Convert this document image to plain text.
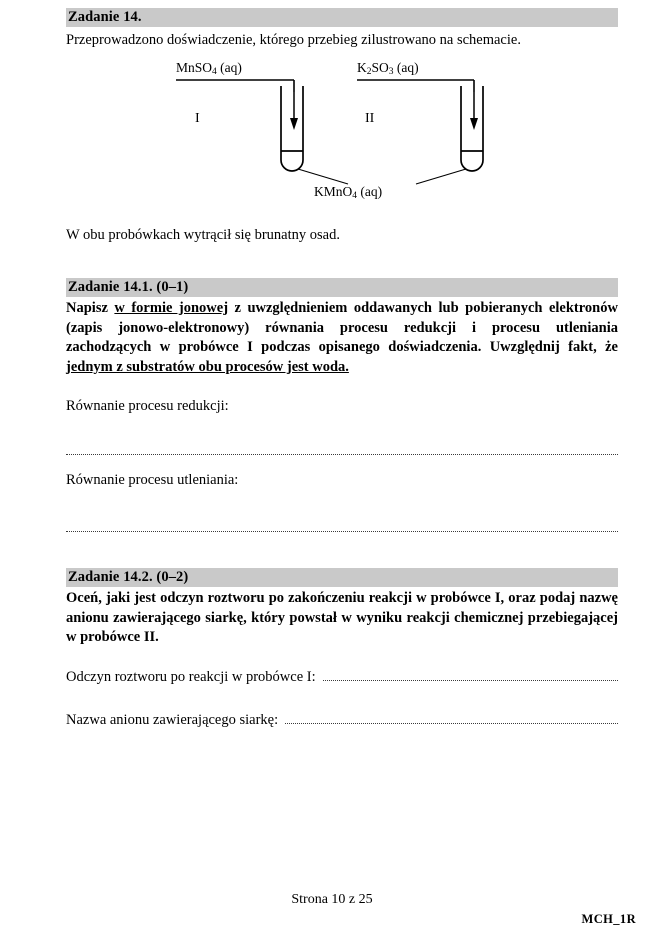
Zadanie 14.
Przeprowadzono doświadczenie, którego przebieg zilustrowano na schemacie.
MnSO$_4$ (aq)	$K_2SO_3$ (aq)
I	II
KMnO$_4$ (aq)
W obu probówkach wytrącił się brunatny osad.
Zadanie 14.1. (0–1)
Napisz w formie jonowej z uwzględnieniem oddawanych lub pobieranych elektronów (zapis jonowo-elektronowy) równania procesu redukcji i procesu utleniania zachodzących w probówce I podczas opisanego doświadczenia. Uwzględnij fakt, że jednym z substratów obu procesów jest woda.
Równanie procesu redukcji:
Równanie procesu utleniania:
Zadanie 14.2. (0–2)
Oceń, jaki jest odczyn roztworu po zakończeniu reakcji w probówce I, oraz podaj nazwę anionu zawierającego siarkę, który powstał w wyniku reakcji chemicznej przebiegającej w probówce II.
Odczyn roztworu po reakcji w probówce I:
Nazwa anionu zawierającego siarkę:
Strona 10 z 25
MCH_1R
